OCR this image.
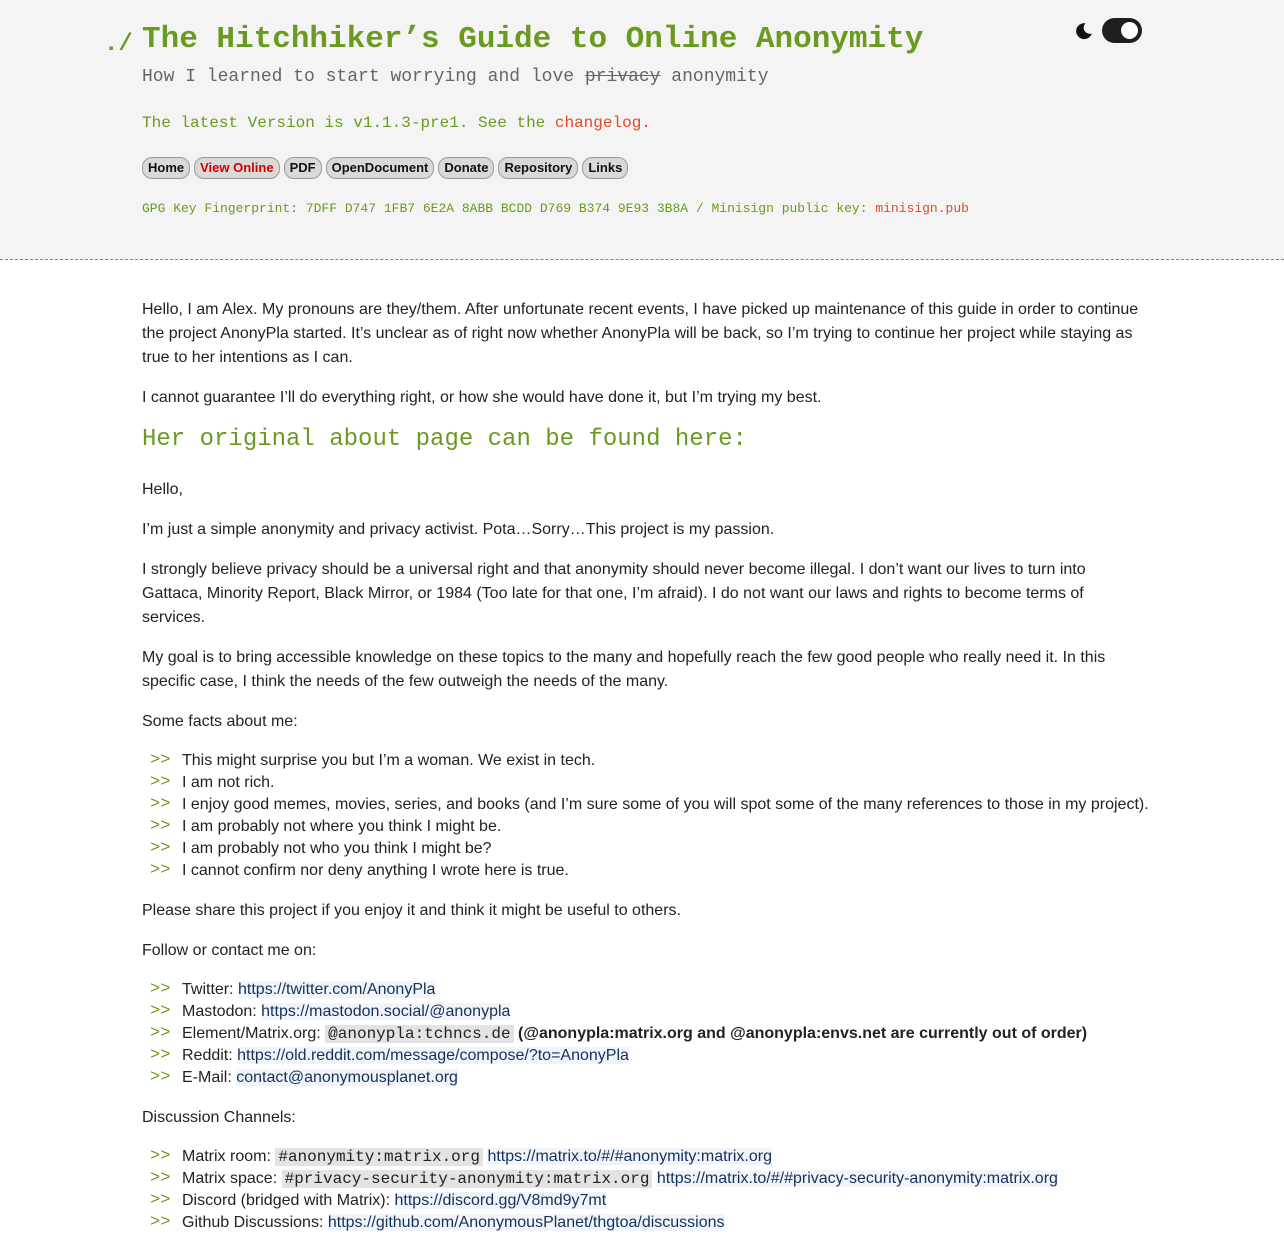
./ The Hitchhiker’s Guide to Online Anonymity
How I learned to start worrying and love privacy anonymity
The latest Version is v1.1.3-pre1. See the changelog.
Home	View Online	PDF	OpenDocument	Donate	Repository	Links
GPG Key Fingerprint: 7DFF D747 1FB7 6E2A 8ABB BCDD D769 B374 9E93 3B8A / Minisign public key: minisign.pub

Hello, I am Alex. My pronouns are they/them. After unfortunate recent events, I have picked up maintenance of this guide in order to continue the project AnonyPla started. It’s unclear as of right now whether AnonyPla will be back, so I’m trying to continue her project while staying as true to her intentions as I can.

I cannot guarantee I’ll do everything right, or how she would have done it, but I’m trying my best.

Her original about page can be found here:

Hello,

I’m just a simple anonymity and privacy activist. Pota…Sorry…This project is my passion.

I strongly believe privacy should be a universal right and that anonymity should never become illegal. I don’t want our lives to turn into Gattaca, Minority Report, Black Mirror, or 1984 (Too late for that one, I’m afraid). I do not want our laws and rights to become terms of services.

My goal is to bring accessible knowledge on these topics to the many and hopefully reach the few good people who really need it. In this specific case, I think the needs of the few outweigh the needs of the many.

Some facts about me:

>> This might surprise you but I’m a woman. We exist in tech.
>> I am not rich.
>> I enjoy good memes, movies, series, and books (and I’m sure some of you will spot some of the many references to those in my project).
>> I am probably not where you think I might be.
>> I am probably not who you think I might be?
>> I cannot confirm nor deny anything I wrote here is true.

Please share this project if you enjoy it and think it might be useful to others.

Follow or contact me on:

>> Twitter: https://twitter.com/AnonyPla
>> Mastodon: https://mastodon.social/@anonypla
>> Element/Matrix.org: @anonypla:tchncs.de (@anonypla:matrix.org and @anonypla:envs.net are currently out of order)
>> Reddit: https://old.reddit.com/message/compose/?to=AnonyPla
>> E-Mail: contact@anonymousplanet.org

Discussion Channels:

>> Matrix room: #anonymity:matrix.org https://matrix.to/#/#anonymity:matrix.org
>> Matrix space: #privacy-security-anonymity:matrix.org https://matrix.to/#/#privacy-security-anonymity:matrix.org
>> Discord (bridged with Matrix): https://discord.gg/V8md9y7mt
>> Github Discussions: https://github.com/AnonymousPlanet/thgtoa/discussions
